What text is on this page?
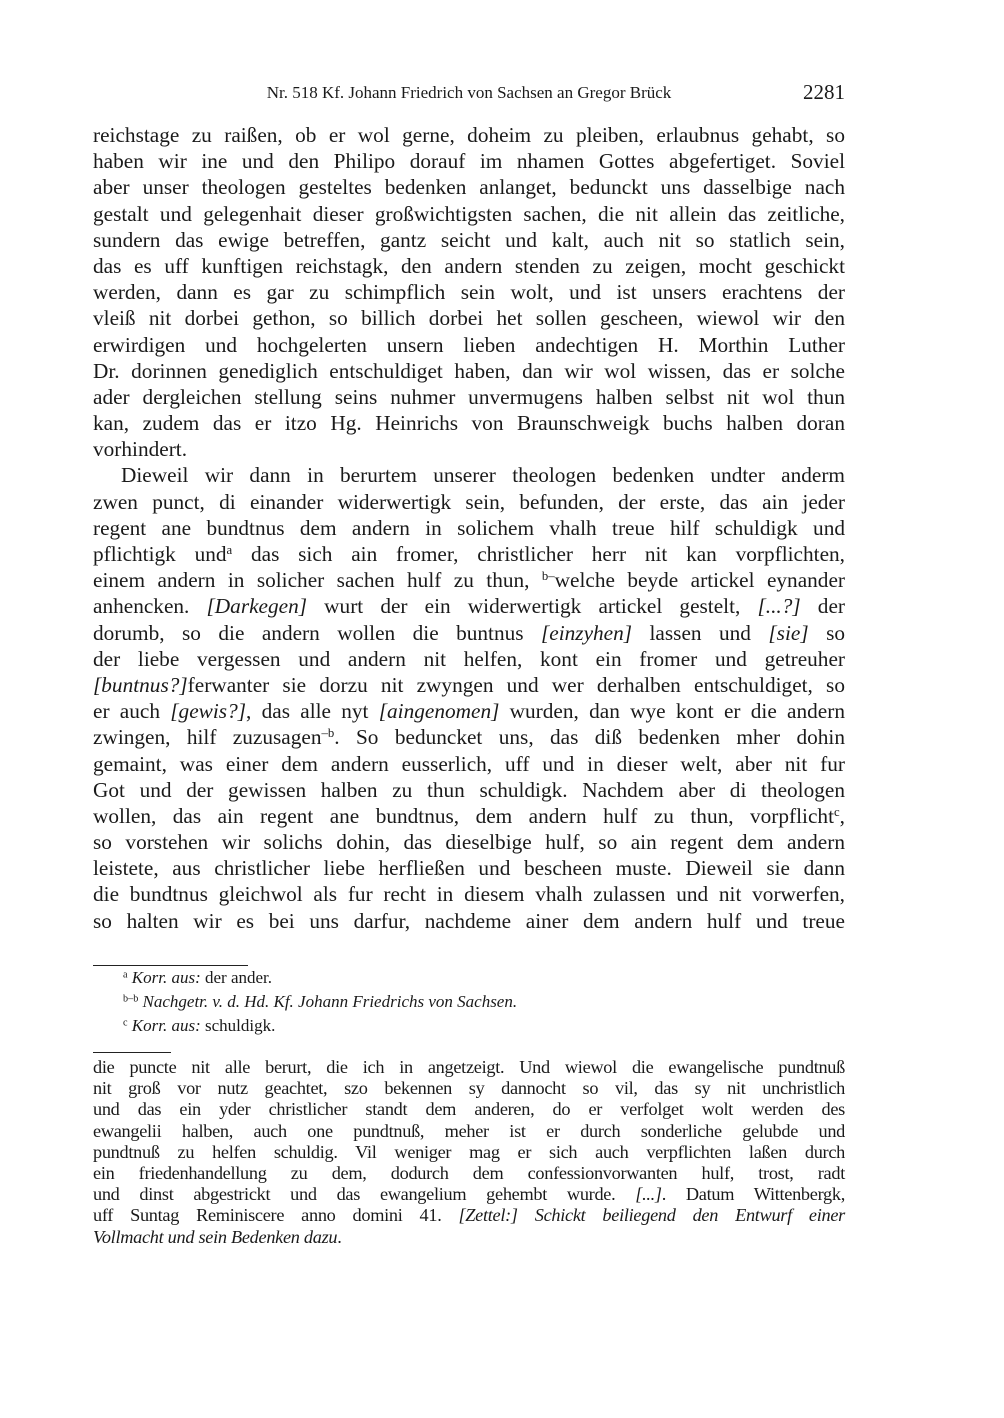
Nr. 518 Kf. Johann Friedrich von Sachsen an Gregor Brück	2281
reichstage zu raißen, ob er wol gerne, doheim zu pleiben, erlaubnus gehabt, so
haben wir ine und den Philipo dorauf im nhamen Gottes abgefertiget. Soviel
aber unser theologen gesteltes bedenken anlanget, bedunckt uns dasselbige nach
gestalt und gelegenhait dieser großwichtigsten sachen, die nit allein das zeitliche,
sundern das ewige betreffen, gantz seicht und kalt, auch nit so statlich sein,
das es uff kunftigen reichstagk, den andern stenden zu zeigen, mocht geschickt
werden, dann es gar zu schimpflich sein wolt, und ist unsers erachtens der
vleiß nit dorbei gethon, so billich dorbei het sollen gescheen, wiewol wir den
erwirdigen und hochgelerten unsern lieben andechtigen H. Morthin Luther
Dr. dorinnen genediglich entschuldiget haben, dan wir wol wissen, das er solche
ader dergleichen stellung seins nuhmer unvermugens halben selbst nit wol thun
kan, zudem das er itzo Hg. Heinrichs von Braunschweigk buchs halben doran
vorhindert.
Dieweil wir dann in berurtem unserer theologen bedenken undter anderm
zwen punct, di einander widerwertigk sein, befunden, der erste, das ain jeder
regent ane bundtnus dem andern in solichem vhalh treue hilf schuldigk und
pflichtigk und$^a$ das sich ain fromer, christlicher herr nit kan vorpflichten,
einem andern in solicher sachen hulf zu thun, $^{b-}$welche beyde artickel eynander
anhencken. [Darkegen] wurt der ein widerwertigk artickel gestelt, [...?] der
dorumb, so die andern wollen die buntnus [einzyhen] lassen und [sie] so
der liebe vergessen und andern nit helfen, kont ein fromer und getreuher
[buntnus?]ferwanter sie dorzu nit zwyngen und wer derhalben entschuldiget, so
er auch [gewis?], das alle nyt [aingenomen] wurden, dan wye kont er die andern
zwingen, hilf zuzusagen$^{-b}$. So beduncket uns, das diß bedenken mher dohin
gemaint, was einer dem andern eusserlich, uff und in dieser welt, aber nit fur
Got und der gewissen halben zu thun schuldigk. Nachdem aber di theologen
wollen, das ain regent ane bundtnus, dem andern hulf zu thun, vorpflicht$^c$,
so vorstehen wir solichs dohin, das dieselbige hulf, so ain regent dem andern
leistete, aus christlicher liebe herfließen und bescheen muste. Dieweil sie dann
die bundtnus gleichwol als fur recht in diesem vhalh zulassen und nit vorwerfen,
so halten wir es bei uns darfur, nachdeme ainer dem andern hulf und treue
$^a$ Korr. aus: der ander.
$^{b-b}$ Nachgetr. v. d. Hd. Kf. Johann Friedrichs von Sachsen.
$^c$ Korr. aus: schuldigk.
die puncte nit alle berurt, die ich in angetzeigt. Und wiewol die ewangelische pundtnuß
nit groß vor nutz geachtet, szo bekennen sy dannocht so vil, das sy nit unchristlich
und das ein yder christlicher standt dem anderen, do er verfolget wolt werden des
ewangelii halben, auch one pundtnuß, meher ist er durch sonderliche gelubde und
pundtnuß zu helfen schuldig. Vil weniger mag er sich auch verpflichten laßen durch
ein friedenhandellung zu dem, dodurch dem confessionvorwanten hulf, trost, radt
und dinst abgestrickt und das ewangelium gehembt wurde. [...]. Datum Wittenbergk,
uff Suntag Reminiscere anno domini 41. [Zettel:] Schickt beiliegend den Entwurf einer
Vollmacht und sein Bedenken dazu.
